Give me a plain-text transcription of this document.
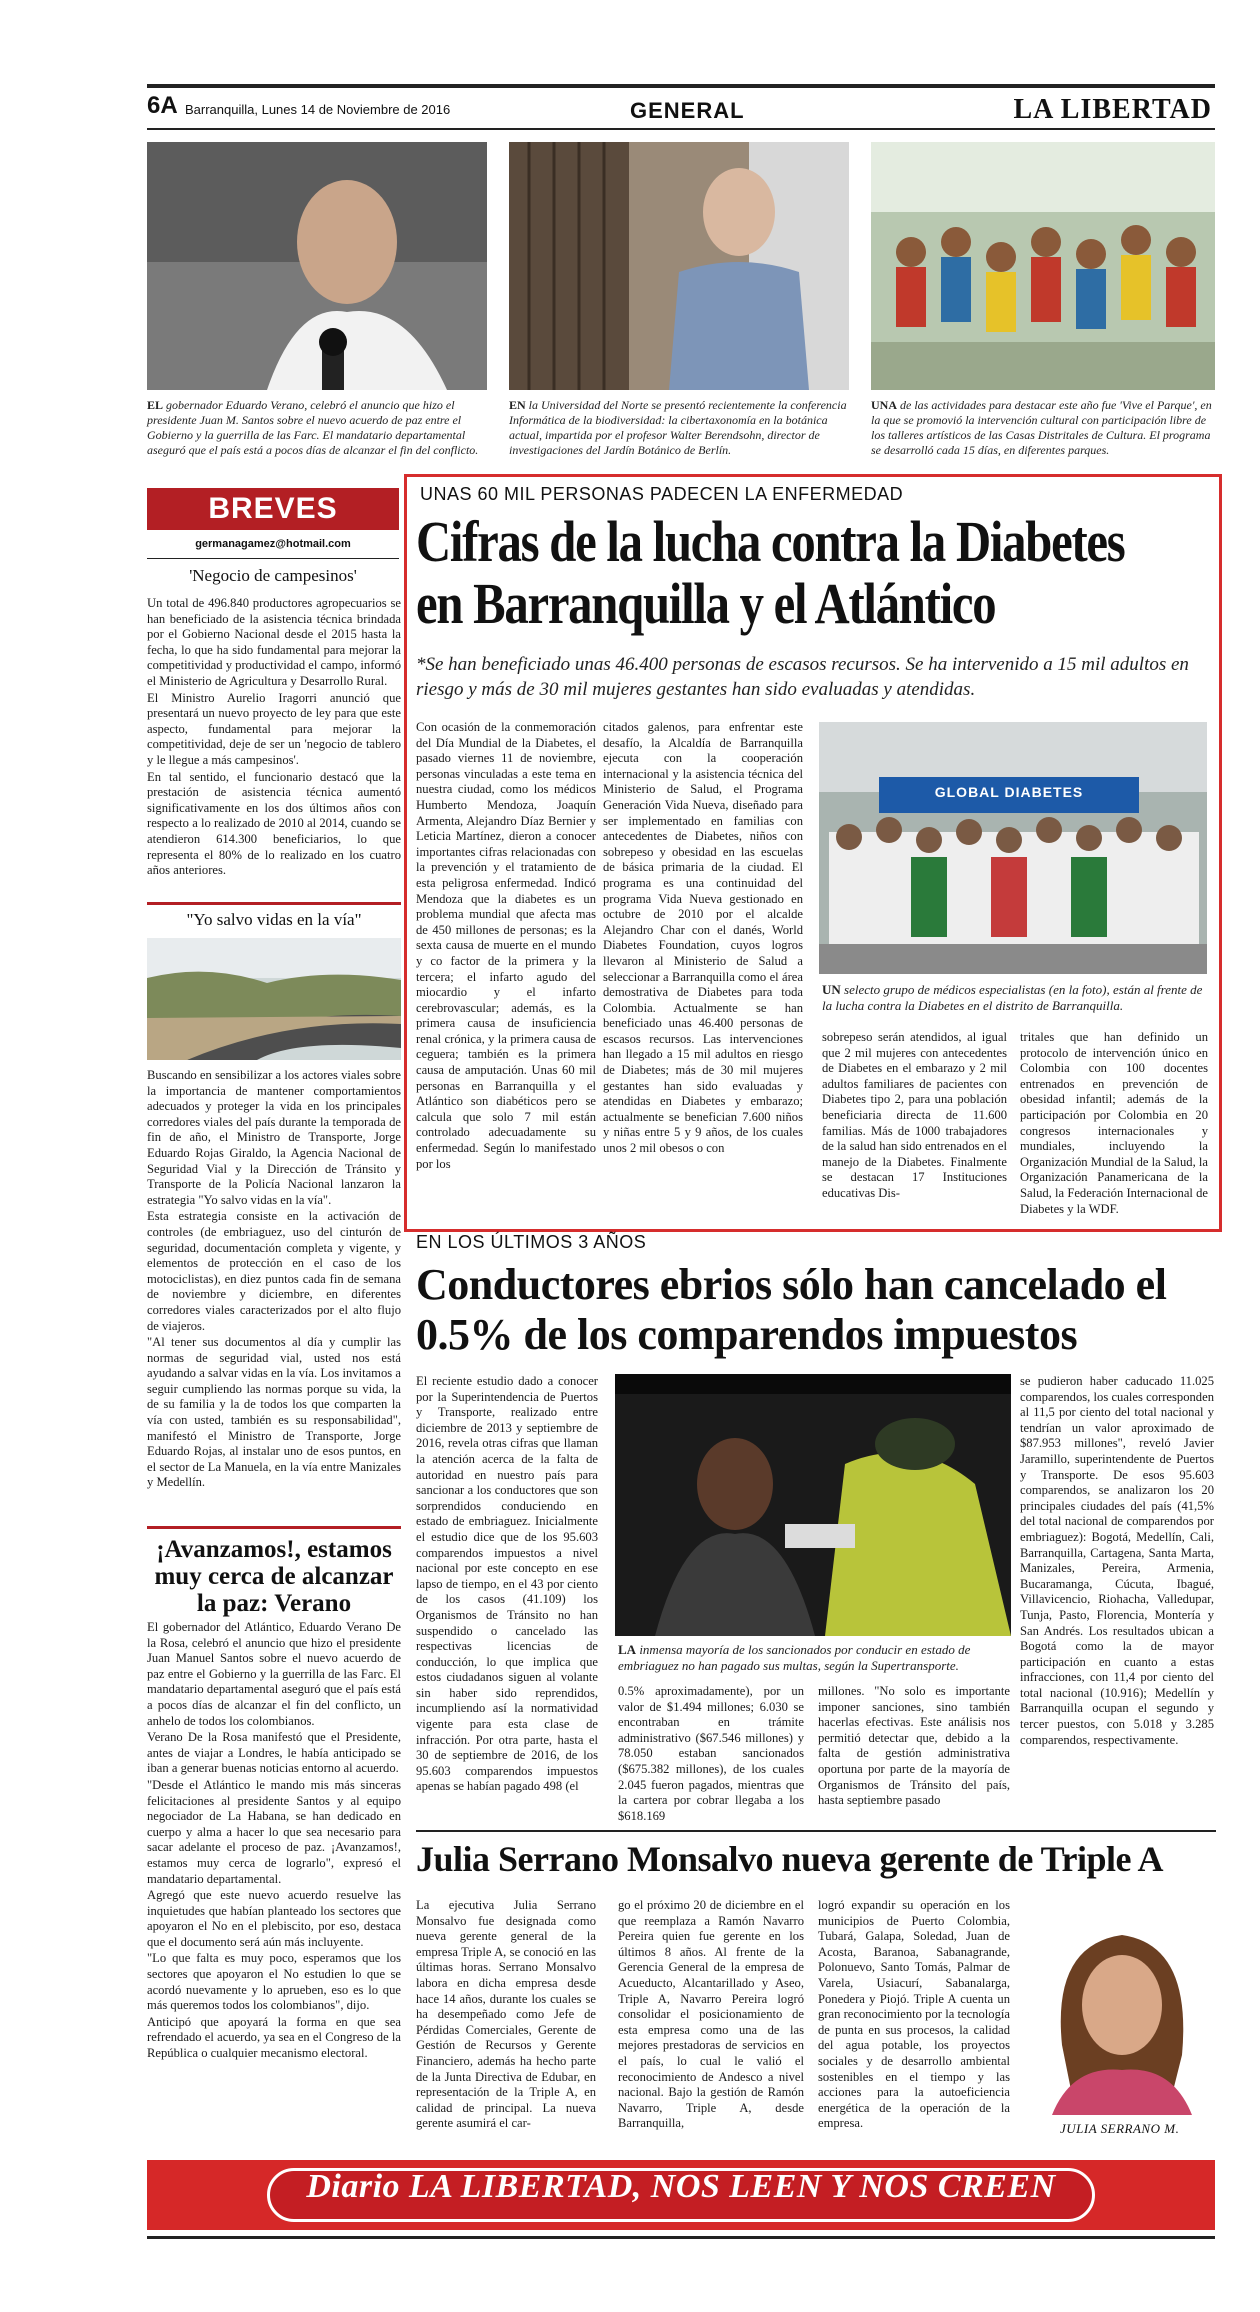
6A Barranquilla, Lunes 14 de Noviembre de 2016	GENERAL	LA LIBERTAD
EL gobernador Eduardo Verano, celebró el anuncio que hizo el presidente Juan M. Santos sobre el nuevo acuerdo de paz entre el Gobierno y la guerrilla de las Farc. El mandatario departamental aseguró que el país está a pocos días de alcanzar el fin del conflicto.
EN la Universidad del Norte se presentó recientemente la conferencia Informática de la biodiversidad: la cibertaxonomía en la botánica actual, impartida por el profesor Walter Berendsohn, director de investigaciones del Jardín Botánico de Berlín.
UNA de las actividades para destacar este año fue 'Vive el Parque', en la que se promovió la intervención cultural con participación libre de los talleres artísticos de las Casas Distritales de Cultura. El programa se desarrolló cada 15 días, en diferentes parques.
BREVES
germanagamez@hotmail.com
'Negocio de campesinos'

Un total de 496.840 productores agropecuarios se han beneficiado de la asistencia técnica brindada por el Gobierno Nacional desde el 2015 hasta la fecha, lo que ha sido fundamental para mejorar la competitividad y productividad el campo, informó el Ministerio de Agricultura y Desarrollo Rural.

El Ministro Aurelio Iragorri anunció que presentará un nuevo proyecto de ley para que este aspecto, fundamental para mejorar la competitividad, deje de ser un 'negocio de tablero y le llegue a más campesinos'.

En tal sentido, el funcionario destacó que la prestación de asistencia técnica aumentó significativamente en los dos últimos años con respecto a lo realizado de 2010 al 2014, cuando se atendieron 614.300 beneficiarios, lo que representa el 80% de lo realizado en los cuatro años anteriores.

"Yo salvo vidas en la vía"

Buscando en sensibilizar a los actores viales sobre la importancia de mantener comportamientos adecuados y proteger la vida en los principales corredores viales del país durante la temporada de fin de año, el Ministro de Transporte, Jorge Eduardo Rojas Giraldo, la Agencia Nacional de Seguridad Vial y la Dirección de Tránsito y Transporte de la Policía Nacional lanzaron la estrategia "Yo salvo vidas en la vía".

Esta estrategia consiste en la activación de controles (de embriaguez, uso del cinturón de seguridad, documentación completa y vigente, y elementos de protección en el caso de los motociclistas), en diez puntos cada fin de semana de noviembre y diciembre, en diferentes corredores viales caracterizados por el alto flujo de viajeros.

"Al tener sus documentos al día y cumplir las normas de seguridad vial, usted nos está ayudando a salvar vidas en la vía. Los invitamos a seguir cumpliendo las normas porque su vida, la de su familia y la de todos los que comparten la vía con usted, también es su responsabilidad", manifestó el Ministro de Transporte, Jorge Eduardo Rojas, al instalar uno de esos puntos, en el sector de La Manuela, en la vía entre Manizales y Medellín.

¡Avanzamos!, estamos muy cerca de alcanzar la paz: Verano

El gobernador del Atlántico, Eduardo Verano De la Rosa, celebró el anuncio que hizo el presidente Juan Manuel Santos sobre el nuevo acuerdo de paz entre el Gobierno y la guerrilla de las Farc. El mandatario departamental aseguró que el país está a pocos días de alcanzar el fin del conflicto, un anhelo de todos los colombianos.

Verano De la Rosa manifestó que el Presidente, antes de viajar a Londres, le había anticipado se iban a generar buenas noticias entorno al acuerdo.

"Desde el Atlántico le mando mis más sinceras felicitaciones al presidente Santos y al equipo negociador de La Habana, se han dedicado en cuerpo y alma a hacer lo que sea necesario para sacar adelante el proceso de paz. ¡Avanzamos!, estamos muy cerca de lograrlo", expresó el mandatario departamental.

Agregó que este nuevo acuerdo resuelve las inquietudes que habían planteado los sectores que apoyaron el No en el plebiscito, por eso, destaca que el documento será aún más incluyente.

"Lo que falta es muy poco, esperamos que los sectores que apoyaron el No estudien lo que se acordó nuevamente y lo aprueben, eso es lo que más queremos todos los colombianos", dijo.

Anticipó que apoyará la forma en que sea refrendado el acuerdo, ya sea en el Congreso de la República o cualquier mecanismo electoral.

UNAS 60 MIL PERSONAS PADECEN LA ENFERMEDAD
Cifras de la lucha contra la Diabetes
en Barranquilla y el Atlántico
*Se han beneficiado unas 46.400 personas de escasos recursos. Se ha intervenido a 15 mil adultos en riesgo y más de 30 mil mujeres gestantes han sido evaluadas y atendidas.
Con ocasión de la conmemoración del Día Mundial de la Diabetes, el pasado viernes 11 de noviembre, personas vinculadas a este tema en nuestra ciudad, como los médicos Humberto Mendoza, Joaquín Armenta, Alejandro Díaz Bernier y Leticia Martínez, dieron a conocer importantes cifras relacionadas con la prevención y el tratamiento de esta peligrosa enfermedad. Indicó Mendoza que la diabetes es un problema mundial que afecta mas de 450 millones de personas; es la sexta causa de muerte en el mundo y co factor de la primera y la tercera; el infarto agudo del miocardio y el infarto cerebrovascular; además, es la primera causa de insuficiencia renal crónica, y la primera causa de ceguera; también es la primera causa de amputación. Unas 60 mil personas en Barranquilla y el Atlántico son diabéticos pero se calcula que solo 7 mil están controlado adecuadamente su enfermedad. Según lo manifestado por los
citados galenos, para enfrentar este desafío, la Alcaldía de Barranquilla ejecuta con la cooperación internacional y la asistencia técnica del Ministerio de Salud, el Programa Generación Vida Nueva, diseñado para ser implementado en familias con antecedentes de Diabetes, niños con sobrepeso y obesidad en las escuelas de básica primaria de la ciudad. El programa es una continuidad del programa Vida Nueva gestionado en octubre de 2010 por el alcalde Alejandro Char con el danés, World Diabetes Foundation, cuyos logros llevaron al Ministerio de Salud a seleccionar a Barranquilla como el área demostrativa de Diabetes para toda Colombia. Actualmente se han beneficiado unas 46.400 personas de escasos recursos. Las intervenciones han llegado a 15 mil adultos en riesgo de Diabetes; más de 30 mil mujeres gestantes han sido evaluadas y atendidas en Diabetes y embarazo; actualmente se benefician 7.600 niños y niñas entre 5 y 9 años, de los cuales unos 2 mil obesos o con
GLOBAL DIABETES
UN selecto grupo de médicos especialistas (en la foto), están al frente de la lucha contra la Diabetes en el distrito de Barranquilla.
sobrepeso serán atendidos, al igual que 2 mil mujeres con antecedentes de Diabetes en el embarazo y 2 mil adultos familiares de pacientes con Diabetes tipo 2, para una población beneficiaria directa de 11.600 familias. Más de 1000 trabajadores de la salud han sido entrenados en el manejo de la Diabetes. Finalmente se destacan 17 Instituciones educativas Dis-
tritales que han definido un protocolo de intervención único en Colombia con 100 docentes entrenados en prevención de obesidad infantil; además de la participación por Colombia en 20 congresos internacionales y mundiales, incluyendo la Organización Mundial de la Salud, la Organización Panamericana de la Salud, la Federación Internacional de Diabetes y la WDF.
EN LOS ÚLTIMOS 3 AÑOS
Conductores ebrios sólo han cancelado el 0.5% de los comparendos impuestos
El reciente estudio dado a conocer por la Superintendencia de Puertos y Transporte, realizado entre diciembre de 2013 y septiembre de 2016, revela otras cifras que llaman la atención acerca de la falta de autoridad en nuestro país para sancionar a los conductores que son sorprendidos conduciendo en estado de embriaguez. Inicialmente el estudio dice que de los 95.603 comparendos impuestos a nivel nacional por este concepto en ese lapso de tiempo, en el 43 por ciento de los casos (41.109) los Organismos de Tránsito no han suspendido o cancelado las respectivas licencias de conducción, lo que implica que estos ciudadanos siguen al volante sin haber sido reprendidos, incumpliendo así la normatividad vigente para esta clase de infracción. Por otra parte, hasta el 30 de septiembre de 2016, de los 95.603 comparendos impuestos apenas se habían pagado 498 (el
LA inmensa mayoría de los sancionados por conducir en estado de embriaguez no han pagado sus multas, según la Supertransporte.
0.5% aproximadamente), por un valor de $1.494 millones; 6.030 se encontraban en trámite administrativo ($67.546 millones) y 78.050 estaban sancionados ($675.382 millones), de los cuales 2.045 fueron pagados, mientras que la cartera por cobrar llegaba a los $618.169
millones. "No solo es importante imponer sanciones, sino también hacerlas efectivas. Este análisis nos permitió detectar que, debido a la falta de gestión administrativa oportuna por parte de la mayoría de Organismos de Tránsito del país, hasta septiembre pasado
se pudieron haber caducado 11.025 comparendos, los cuales corresponden al 11,5 por ciento del total nacional y tendrían un valor aproximado de $87.953 millones", reveló Javier Jaramillo, superintendente de Puertos y Transporte. De esos 95.603 comparendos, se analizaron los 20 principales ciudades del país (41,5% del total nacional de comparendos por embriaguez): Bogotá, Medellín, Cali, Barranquilla, Cartagena, Santa Marta, Manizales, Pereira, Armenia, Bucaramanga, Cúcuta, Ibagué, Villavicencio, Riohacha, Valledupar, Tunja, Pasto, Florencia, Montería y San Andrés. Los resultados ubican a Bogotá como la de mayor participación en cuanto a estas infracciones, con 11,4 por ciento del total nacional (10.916); Medellín y Barranquilla ocupan el segundo y tercer puestos, con 5.018 y 3.285 comparendos, respectivamente.
Julia Serrano Monsalvo nueva gerente de Triple A
La ejecutiva Julia Serrano Monsalvo fue designada como nueva gerente general de la empresa Triple A, se conoció en las últimas horas. Serrano Monsalvo labora en dicha empresa desde hace 14 años, durante los cuales se ha desempeñado como Jefe de Pérdidas Comerciales, Gerente de Gestión de Recursos y Gerente Financiero, además ha hecho parte de la Junta Directiva de Edubar, en representación de la Triple A, en calidad de principal. La nueva gerente asumirá el car-
go el próximo 20 de diciembre en el que reemplaza a Ramón Navarro Pereira quien fue gerente en los últimos 8 años. Al frente de la Gerencia General de la empresa de Acueducto, Alcantarillado y Aseo, Triple A, Navarro Pereira logró consolidar el posicionamiento de esta empresa como una de las mejores prestadoras de servicios en el país, lo cual le valió el reconocimiento de Andesco a nivel nacional. Bajo la gestión de Ramón Navarro, Triple A, desde Barranquilla,
logró expandir su operación en los municipios de Puerto Colombia, Tubará, Galapa, Soledad, Juan de Acosta, Baranoa, Sabanagrande, Polonuevo, Santo Tomás, Palmar de Varela, Usiacurí, Sabanalarga, Ponedera y Piojó. Triple A cuenta un gran reconocimiento por la tecnología de punta en sus procesos, la calidad del agua potable, los proyectos sociales y de desarrollo ambiental sostenibles en el tiempo y las acciones para la autoeficiencia energética de la operación de la empresa.	JULIA SERRANO M.
Diario LA LIBERTAD, NOS LEEN Y NOS CREEN
